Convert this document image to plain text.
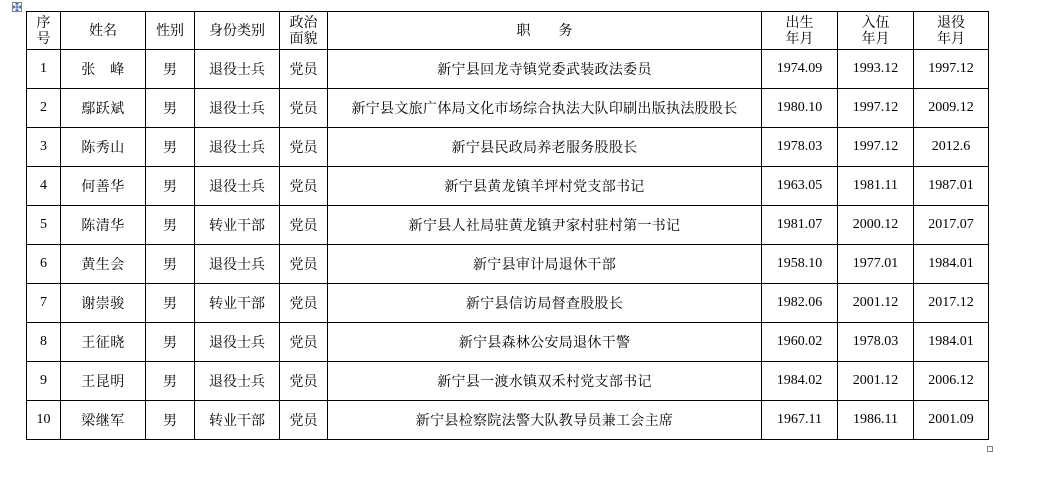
序号	姓名	性别	身份类别	政治面貌	职　　务	出生年月	入伍年月	退役年月
1	张　峰	男	退役士兵	党员	新宁县回龙寺镇党委武装政法委员	1974.09	1993.12	1997.12
2	鄢跃斌	男	退役士兵	党员	新宁县文旅广体局文化市场综合执法大队印刷出版执法股股长	1980.10	1997.12	2009.12
3	陈秀山	男	退役士兵	党员	新宁县民政局养老服务股股长	1978.03	1997.12	2012.6
4	何善华	男	退役士兵	党员	新宁县黄龙镇羊坪村党支部书记	1963.05	1981.11	1987.01
5	陈清华	男	转业干部	党员	新宁县人社局驻黄龙镇尹家村驻村第一书记	1981.07	2000.12	2017.07
6	黄生会	男	退役士兵	党员	新宁县审计局退休干部	1958.10	1977.01	1984.01
7	谢崇骏	男	转业干部	党员	新宁县信访局督查股股长	1982.06	2001.12	2017.12
8	王征晓	男	退役士兵	党员	新宁县森林公安局退休干警	1960.02	1978.03	1984.01
9	王昆明	男	退役士兵	党员	新宁县一渡水镇双禾村党支部书记	1984.02	2001.12	2006.12
10	梁继军	男	转业干部	党员	新宁县检察院法警大队教导员兼工会主席	1967.11	1986.11	2001.09
